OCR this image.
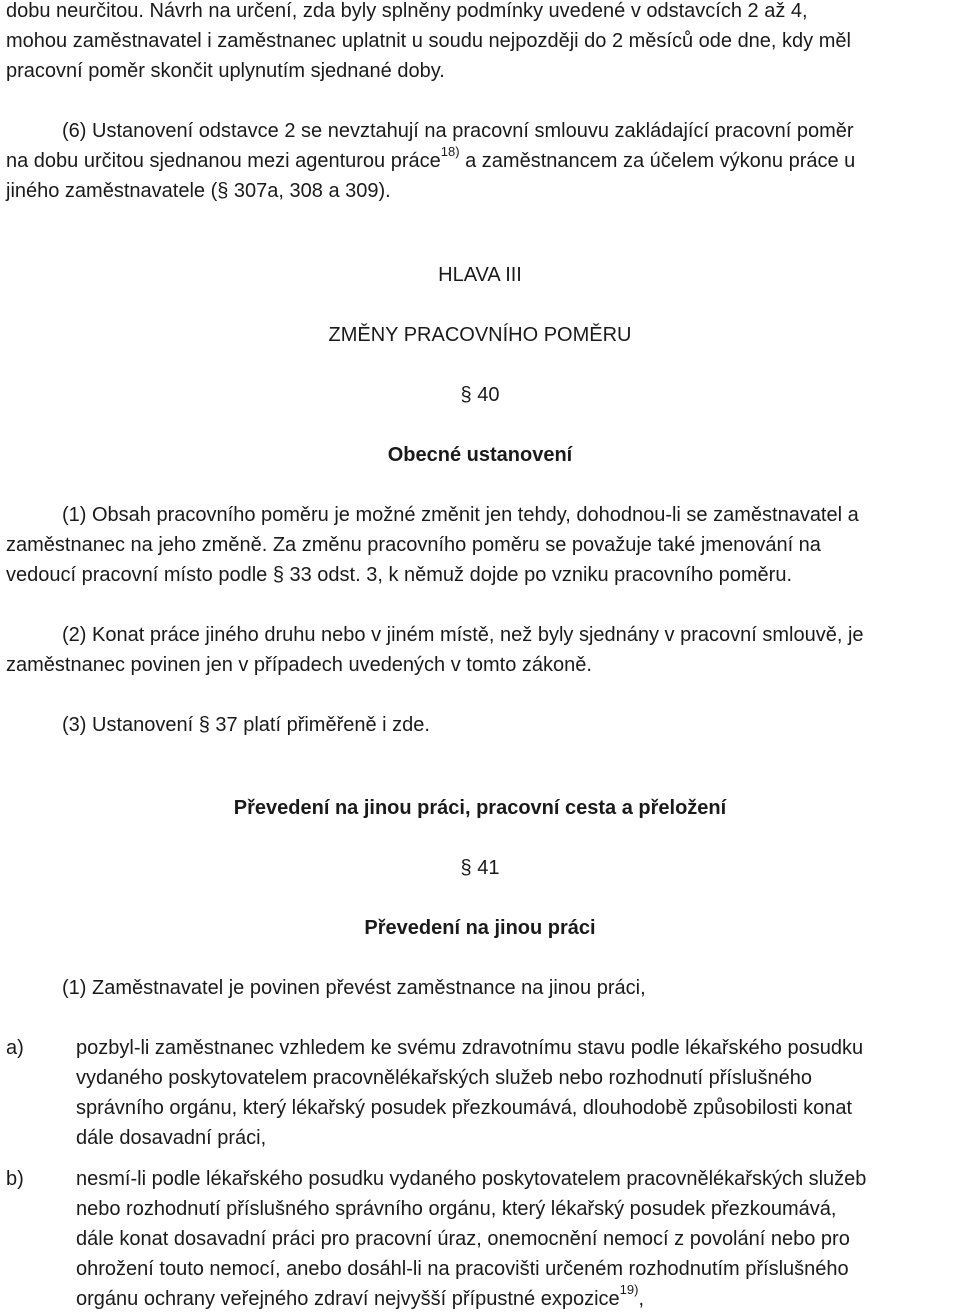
dobu neurčitou. Návrh na určení, zda byly splněny podmínky uvedené v odstavcích 2 až 4,
mohou zaměstnavatel i zaměstnanec uplatnit u soudu nejpozději do 2 měsíců ode dne, kdy měl
pracovní poměr skončit uplynutím sjednané doby.
(6) Ustanovení odstavce 2 se nevztahují na pracovní smlouvu zakládající pracovní poměr
na dobu určitou sjednanou mezi agenturou práce$^{18)}$ a zaměstnancem za účelem výkonu práce u
jiného zaměstnavatele (§ 307a, 308 a 309).
HLAVA III
ZMĚNY PRACOVNÍHO POMĚRU
§ 40
Obecné ustanovení
(1) Obsah pracovního poměru je možné změnit jen tehdy, dohodnou-li se zaměstnavatel a
zaměstnanec na jeho změně. Za změnu pracovního poměru se považuje také jmenování na
vedoucí pracovní místo podle § 33 odst. 3, k němuž dojde po vzniku pracovního poměru.
(2) Konat práce jiného druhu nebo v jiném místě, než byly sjednány v pracovní smlouvě, je
zaměstnanec povinen jen v případech uvedených v tomto zákoně.
(3) Ustanovení § 37 platí přiměřeně i zde.
Převedení na jinou práci, pracovní cesta a přeložení
§ 41
Převedení na jinou práci
(1) Zaměstnavatel je povinen převést zaměstnance na jinou práci,
a)	pozbyl-li zaměstnanec vzhledem ke svému zdravotnímu stavu podle lékařského posudku
vydaného poskytovatelem pracovnělékařských služeb nebo rozhodnutí příslušného
správního orgánu, který lékařský posudek přezkoumává, dlouhodobě způsobilosti konat
dále dosavadní práci,
b)	nesmí-li podle lékařského posudku vydaného poskytovatelem pracovnělékařských služeb
nebo rozhodnutí příslušného správního orgánu, který lékařský posudek přezkoumává,
dále konat dosavadní práci pro pracovní úraz, onemocnění nemocí z povolání nebo pro
ohrožení touto nemocí, anebo dosáhl-li na pracovišti určeném rozhodnutím příslušného
orgánu ochrany veřejného zdraví nejvyšší přípustné expozice$^{19)}$,
